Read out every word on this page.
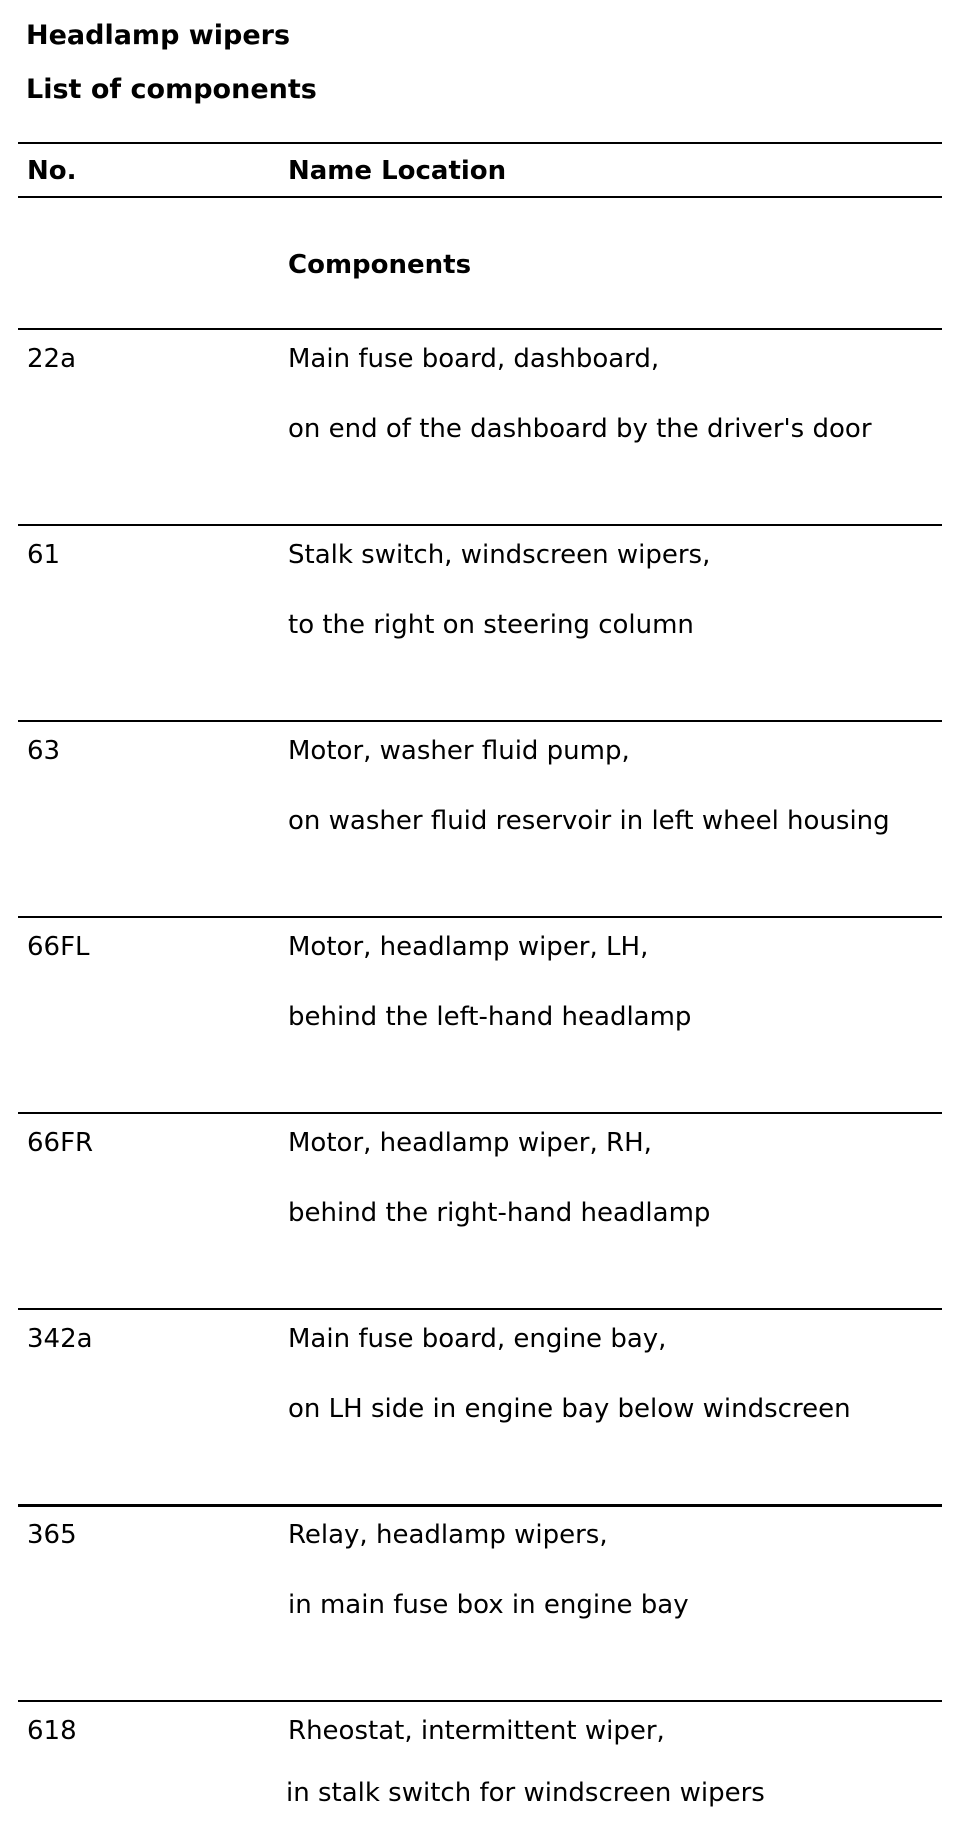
Headlamp wipers
List of components
No.	Name Location
Components
22a	Main fuse board, dashboard,
on end of the dashboard by the driver's door
61	Stalk switch, windscreen wipers,
to the right on steering column
63	Motor, washer fluid pump,
on washer fluid reservoir in left wheel housing
66FL	Motor, headlamp wiper, LH,
behind the left-hand headlamp
66FR	Motor, headlamp wiper, RH,
behind the right-hand headlamp
342a	Main fuse board, engine bay,
on LH side in engine bay below windscreen
365	Relay, headlamp wipers,
in main fuse box in engine bay
618	Rheostat, intermittent wiper,
in stalk switch for windscreen wipers
